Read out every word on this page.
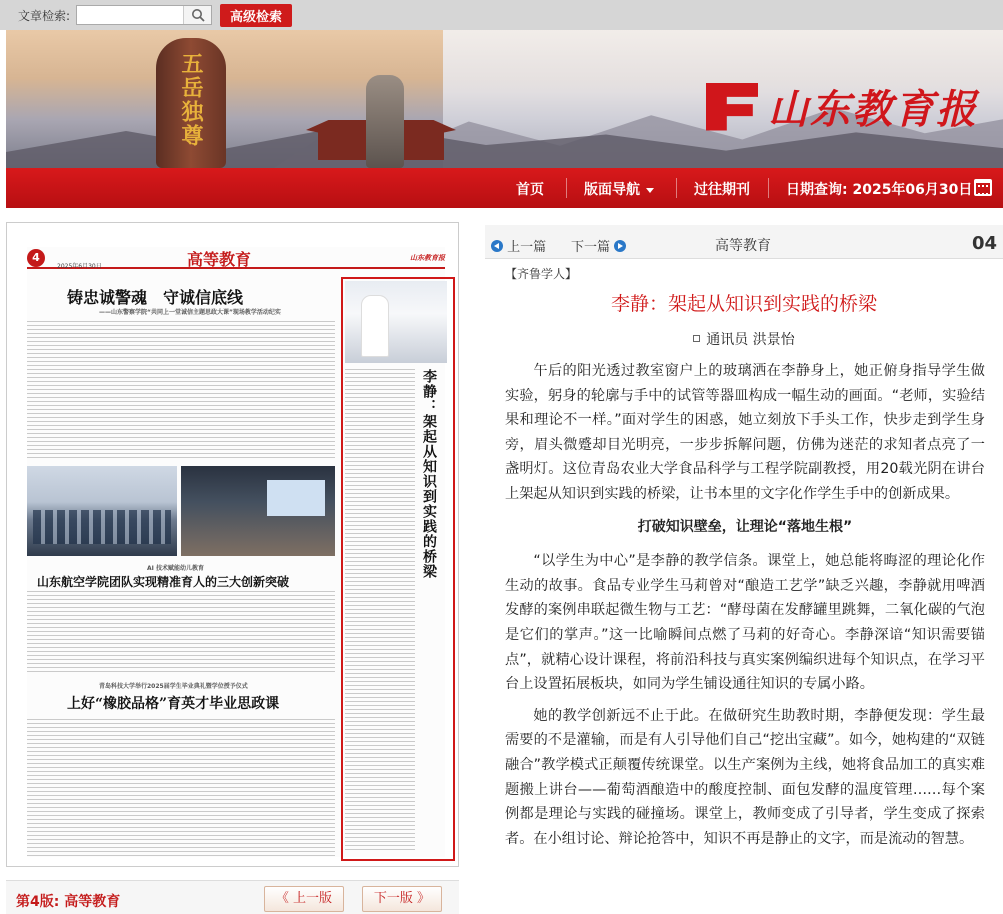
文章检索:	高级检索
五岳独尊	山东教育报
首页	版面导航	过往期刊	日期查询: 2025年06月30日
4
2025年6月30日	高等教育	山东教育报
铸忠诚警魂　守诚信底线
——山东警察学院“共同上一堂诚信主题思政大课”现场教学活动纪实
AI 技术赋能幼儿教育
山东航空学院团队实现精准育人的三大创新突破
青岛科技大学举行2025届学生毕业典礼暨学位授予仪式
上好“橡胶品格”育英才毕业思政课
李静：架起从知识到实践的桥梁
上一篇 下一篇	高等教育	04
【齐鲁学人】
李静：架起从知识到实践的桥梁
通讯员 洪景怡

午后的阳光透过教室窗户上的玻璃洒在李静身上，她正俯身指导学生做实验，躬身的轮廓与手中的试管等器皿构成一幅生动的画面。“老师，实验结果和理论不一样。”面对学生的困惑，她立刻放下手头工作，快步走到学生身旁，眉头微蹙却目光明亮，一步步拆解问题，仿佛为迷茫的求知者点亮了一盏明灯。这位青岛农业大学食品科学与工程学院副教授，用20载光阴在讲台上架起从知识到实践的桥梁，让书本里的文字化作学生手中的创新成果。

打破知识壁垒，让理论“落地生根”

“以学生为中心”是李静的教学信条。课堂上，她总能将晦涩的理论化作生动的故事。食品专业学生马莉曾对“酿造工艺学”缺乏兴趣，李静就用啤酒发酵的案例串联起微生物与工艺：“酵母菌在发酵罐里跳舞，二氧化碳的气泡是它们的掌声。”这一比喻瞬间点燃了马莉的好奇心。李静深谙“知识需要锚点”，就精心设计课程，将前沿科技与真实案例编织进每个知识点，在学习平台上设置拓展板块，如同为学生铺设通往知识的专属小路。

她的教学创新远不止于此。在做研究生助教时期，李静便发现：学生最需要的不是灌输，而是有人引导他们自己“挖出宝藏”。如今，她构建的“双链融合”教学模式正颠覆传统课堂。以生产案例为主线，她将食品加工的真实难题搬上讲台——葡萄酒酿造中的酸度控制、面包发酵的温度管理……每个案例都是理论与实践的碰撞场。课堂上，教师变成了引导者，学生变成了探索者。在小组讨论、辩论抢答中，知识不再是静止的文字，而是流动的智慧。

第4版: 高等教育	《 上一版	下一版 》
